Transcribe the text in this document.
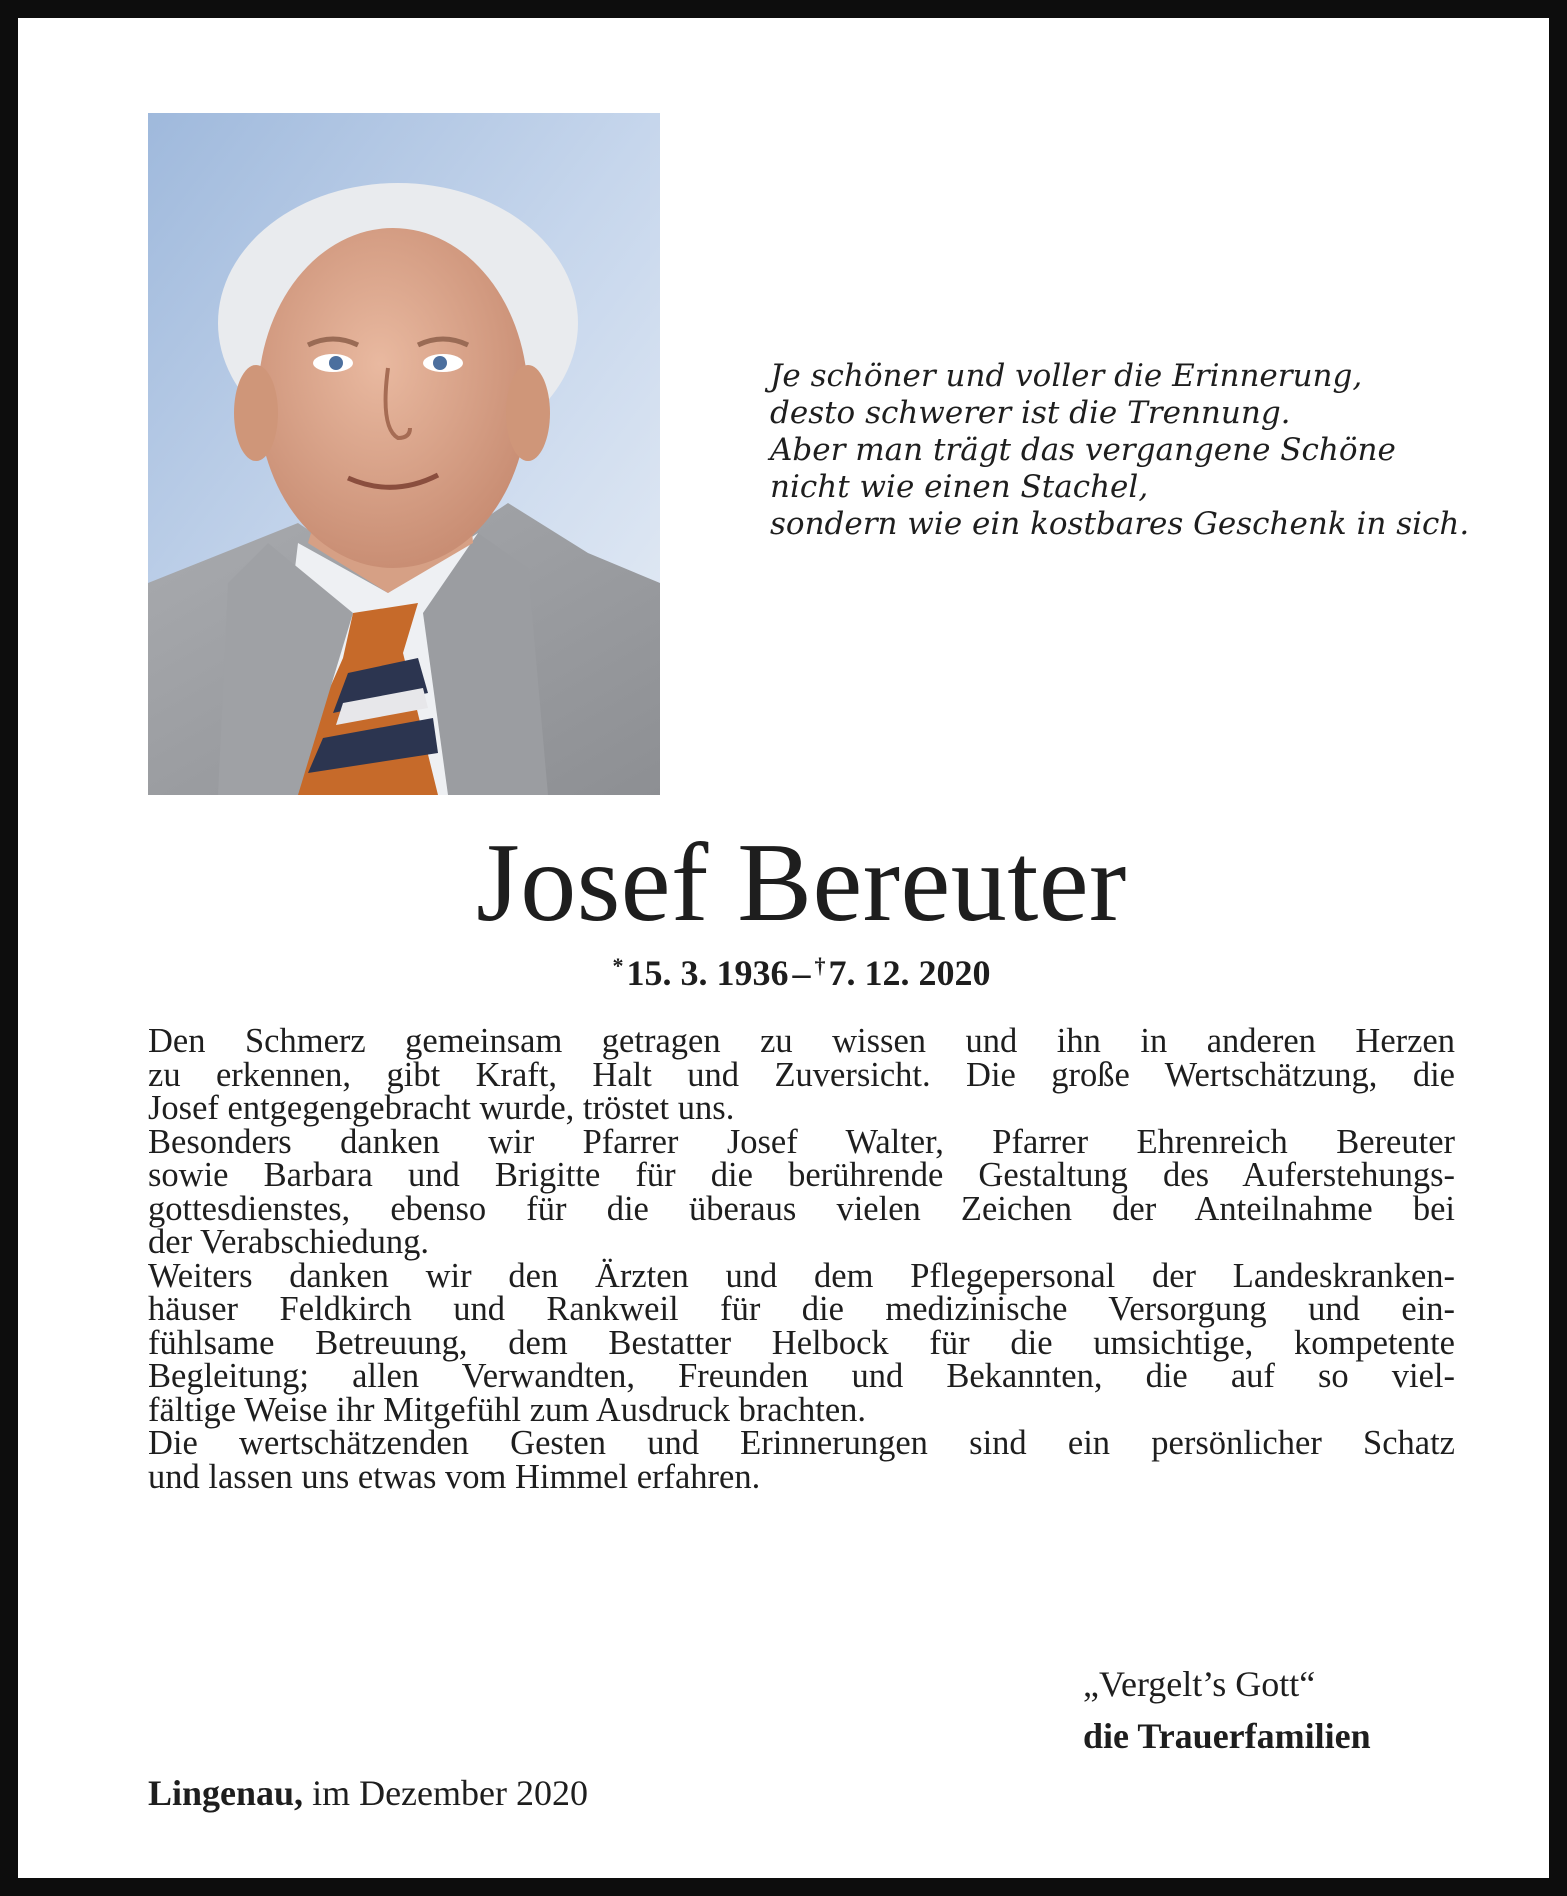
Je schöner und voller die Erinnerung,
desto schwerer ist die Trennung.
Aber man trägt das vergangene Schöne
nicht wie einen Stachel,
sondern wie ein kostbares Geschenk in sich.
Josef Bereuter
*15. 3. 1936 – †7. 12. 2020
Den Schmerz gemeinsam getragen zu wissen und ihn in anderen Herzen
zu erkennen, gibt Kraft, Halt und Zuversicht. Die große Wertschätzung, die
Josef entgegengebracht wurde, tröstet uns.
Besonders danken wir Pfarrer Josef Walter, Pfarrer Ehrenreich Bereuter
sowie Barbara und Brigitte für die berührende Gestaltung des Auferstehungs-
gottesdienstes, ebenso für die überaus vielen Zeichen der Anteilnahme bei
der Verabschiedung.
Weiters danken wir den Ärzten und dem Pflegepersonal der Landeskranken-
häuser Feldkirch und Rankweil für die medizinische Versorgung und ein-
fühlsame Betreuung, dem Bestatter Helbock für die umsichtige, kompetente
Begleitung; allen Verwandten, Freunden und Bekannten, die auf so viel-
fältige Weise ihr Mitgefühl zum Ausdruck brachten.
Die wertschätzenden Gesten und Erinnerungen sind ein persönlicher Schatz
und lassen uns etwas vom Himmel erfahren.
„Vergelt’s Gott“
die Trauerfamilien
Lingenau, im Dezember 2020
